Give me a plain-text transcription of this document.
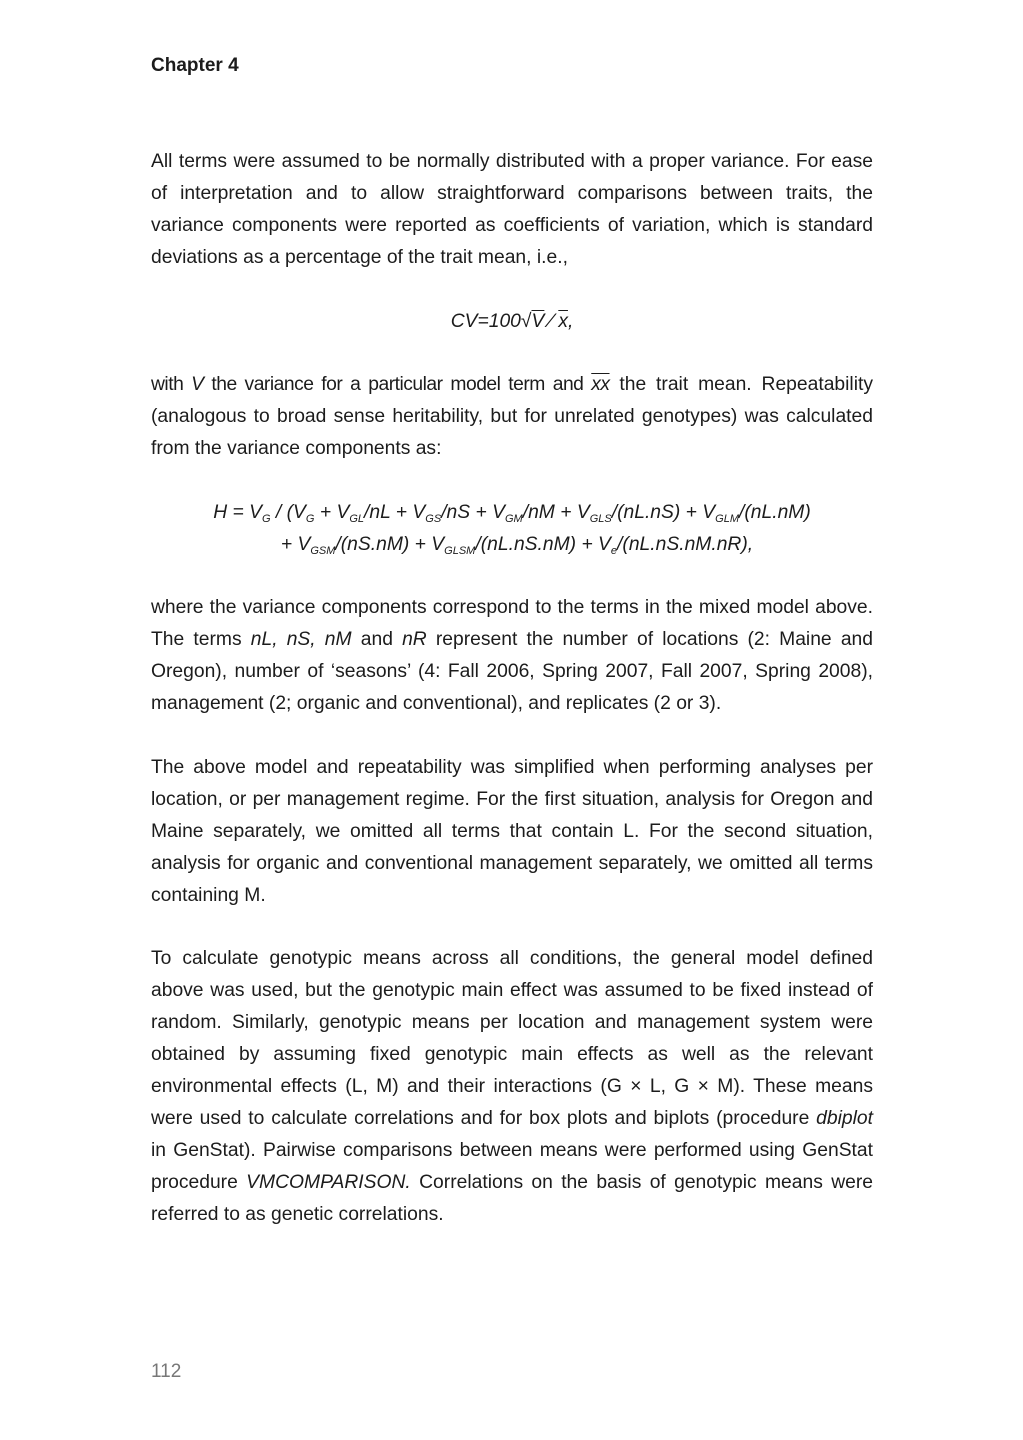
Chapter 4

All terms were assumed to be normally distributed with a proper variance. For ease of interpretation and to allow straightforward comparisons between traits, the variance components were reported as coefficients of variation, which is standard deviations as a percentage of the trait mean, i.e.,

CV=100√V ⁄ $\overline{x}$,

with V the variance for a particular model term and $\overline{xx}$ the trait mean. Repeatability (analogous to broad sense heritability, but for unrelated genotypes) was calculated from the variance components as:

$H = V_G / (V_G + V_{GL}/nL + V_{GS}/nS + V_{GM}/nM + V_{GLS}/(nL.nS) + V_{GLM}/(nL.nM)$
+ $V_{GSM}/(nS.nM) + V_{GLSM}/(nL.nS.nM) + V_e/(nL.nS.nM.nR)$,

where the variance components correspond to the terms in the mixed model above. The terms nL, nS, nM and nR represent the number of locations (2: Maine and Oregon), number of ‘seasons’ (4: Fall 2006, Spring 2007, Fall 2007, Spring 2008), management (2; organic and conventional), and replicates (2 or 3).

The above model and repeatability was simplified when performing analyses per location, or per management regime. For the first situation, analysis for Oregon and Maine separately, we omitted all terms that contain L. For the second situation, analysis for organic and conventional management separately, we omitted all terms containing M.

To calculate genotypic means across all conditions, the general model defined above was used, but the genotypic main effect was assumed to be fixed instead of random. Similarly, genotypic means per location and management system were obtained by assuming fixed genotypic main effects as well as the relevant environmental effects (L, M) and their interactions (G × L, G × M). These means were used to calculate correlations and for box plots and biplots (procedure dbiplot in GenStat). Pairwise comparisons between means were performed using GenStat procedure VMCOMPARISON. Correlations on the basis of genotypic means were referred to as genetic correlations.

112
